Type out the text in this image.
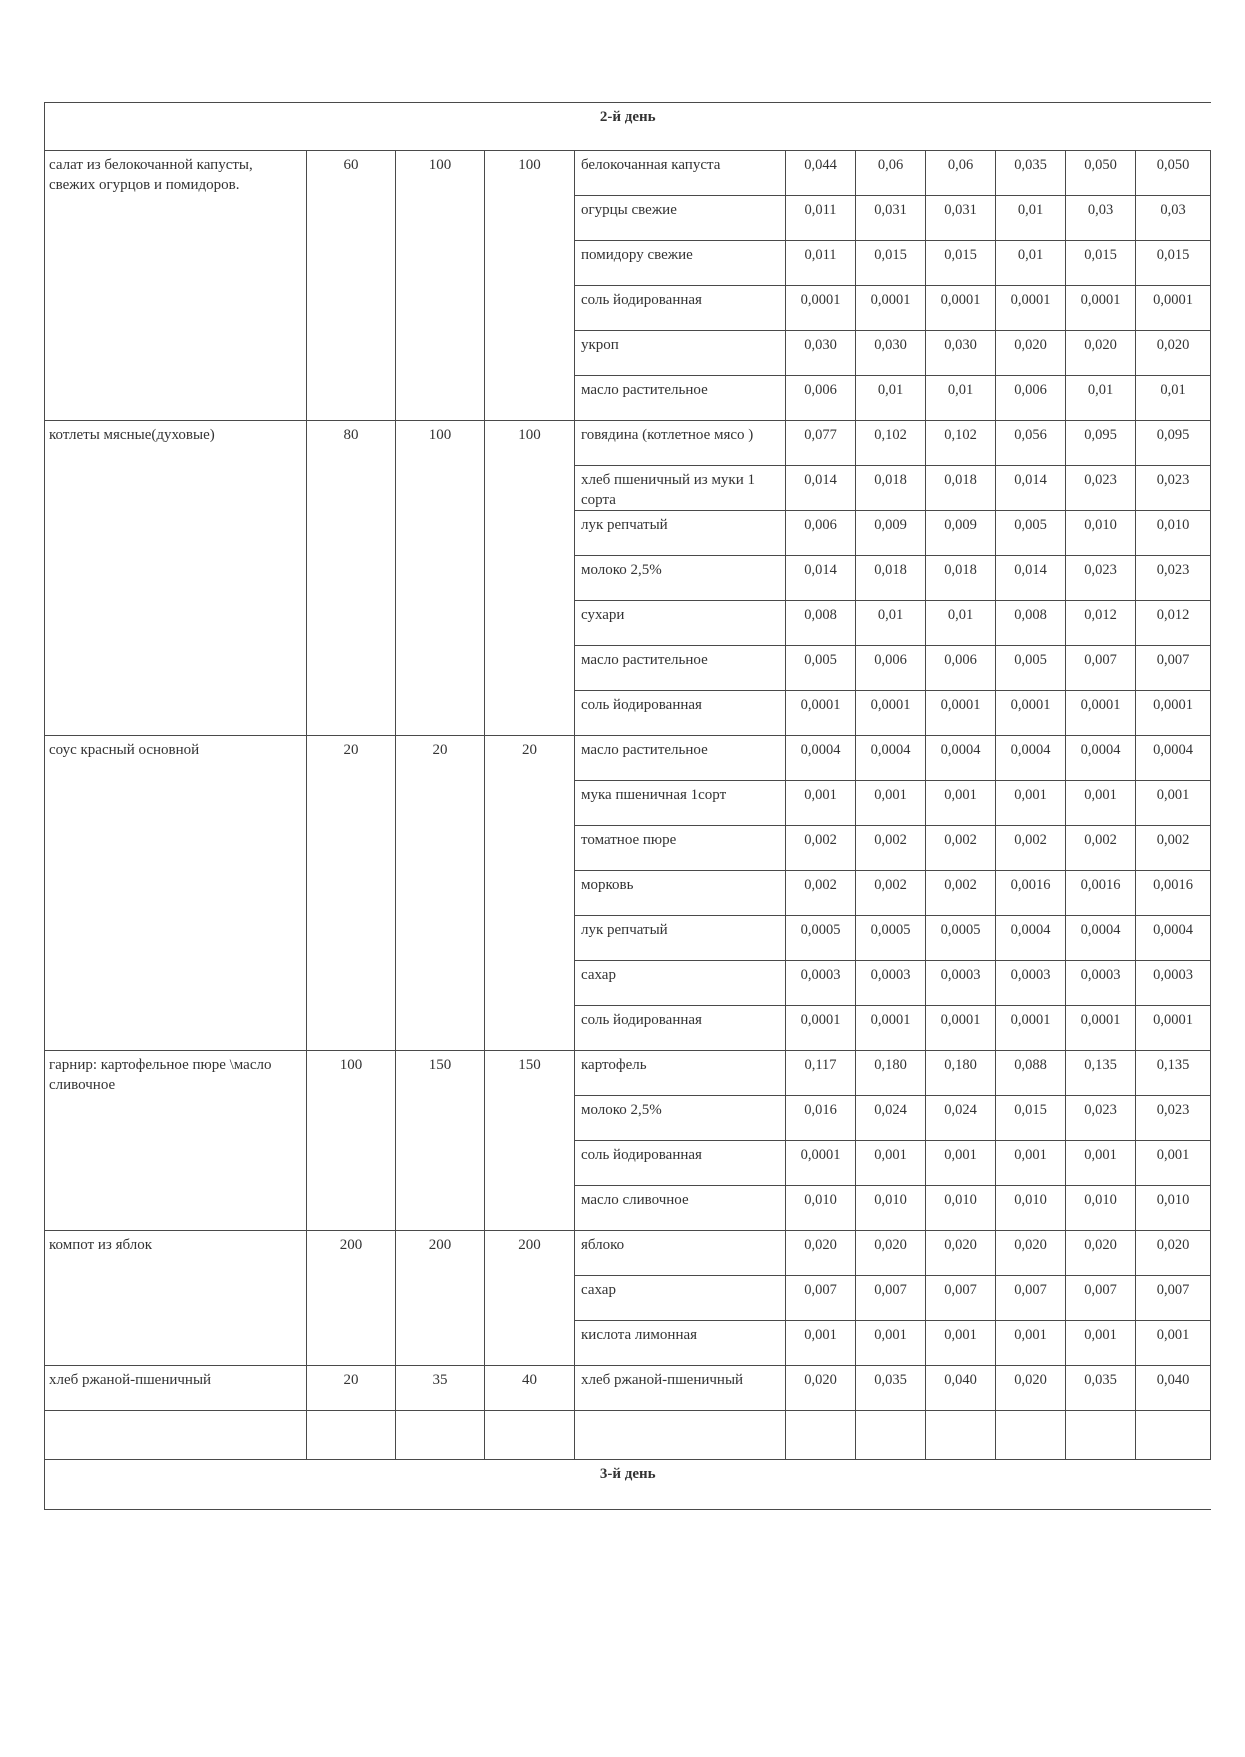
2-й день										
салат из белокочанной капусты, свежих огурцов и помидоров.	60	100	100	белокочанная капуста	0,044	0,06	0,06	0,035	0,050	0,050
				огурцы свежие	0,011	0,031	0,031	0,01	0,03	0,03
				помидору свежие	0,011	0,015	0,015	0,01	0,015	0,015
				соль йодированная	0,0001	0,0001	0,0001	0,0001	0,0001	0,0001
				укроп	0,030	0,030	0,030	0,020	0,020	0,020
				масло растительное	0,006	0,01	0,01	0,006	0,01	0,01
котлеты мясные(духовые)	80	100	100	говядина (котлетное мясо )	0,077	0,102	0,102	0,056	0,095	0,095
				хлеб пшеничный из муки 1 сорта	0,014	0,018	0,018	0,014	0,023	0,023
				лук репчатый	0,006	0,009	0,009	0,005	0,010	0,010
				молоко 2,5%	0,014	0,018	0,018	0,014	0,023	0,023
				сухари	0,008	0,01	0,01	0,008	0,012	0,012
				масло растительное	0,005	0,006	0,006	0,005	0,007	0,007
				соль йодированная	0,0001	0,0001	0,0001	0,0001	0,0001	0,0001
соус красный основной	20	20	20	масло растительное	0,0004	0,0004	0,0004	0,0004	0,0004	0,0004
				мука пшеничная 1сорт	0,001	0,001	0,001	0,001	0,001	0,001
				томатное пюре	0,002	0,002	0,002	0,002	0,002	0,002
				морковь	0,002	0,002	0,002	0,0016	0,0016	0,0016
				лук репчатый	0,0005	0,0005	0,0005	0,0004	0,0004	0,0004
				сахар	0,0003	0,0003	0,0003	0,0003	0,0003	0,0003
				соль йодированная	0,0001	0,0001	0,0001	0,0001	0,0001	0,0001
гарнир: картофельное пюре \масло сливочное	100	150	150	картофель	0,117	0,180	0,180	0,088	0,135	0,135
				молоко 2,5%	0,016	0,024	0,024	0,015	0,023	0,023
				соль йодированная	0,0001	0,001	0,001	0,001	0,001	0,001
				масло сливочное	0,010	0,010	0,010	0,010	0,010	0,010
компот из яблок	200	200	200	яблоко	0,020	0,020	0,020	0,020	0,020	0,020
				сахар	0,007	0,007	0,007	0,007	0,007	0,007
				кислота лимонная	0,001	0,001	0,001	0,001	0,001	0,001
хлеб ржаной-пшеничный	20	35	40	хлеб ржаной-пшеничный	0,020	0,035	0,040	0,020	0,035	0,040

3-й день										
